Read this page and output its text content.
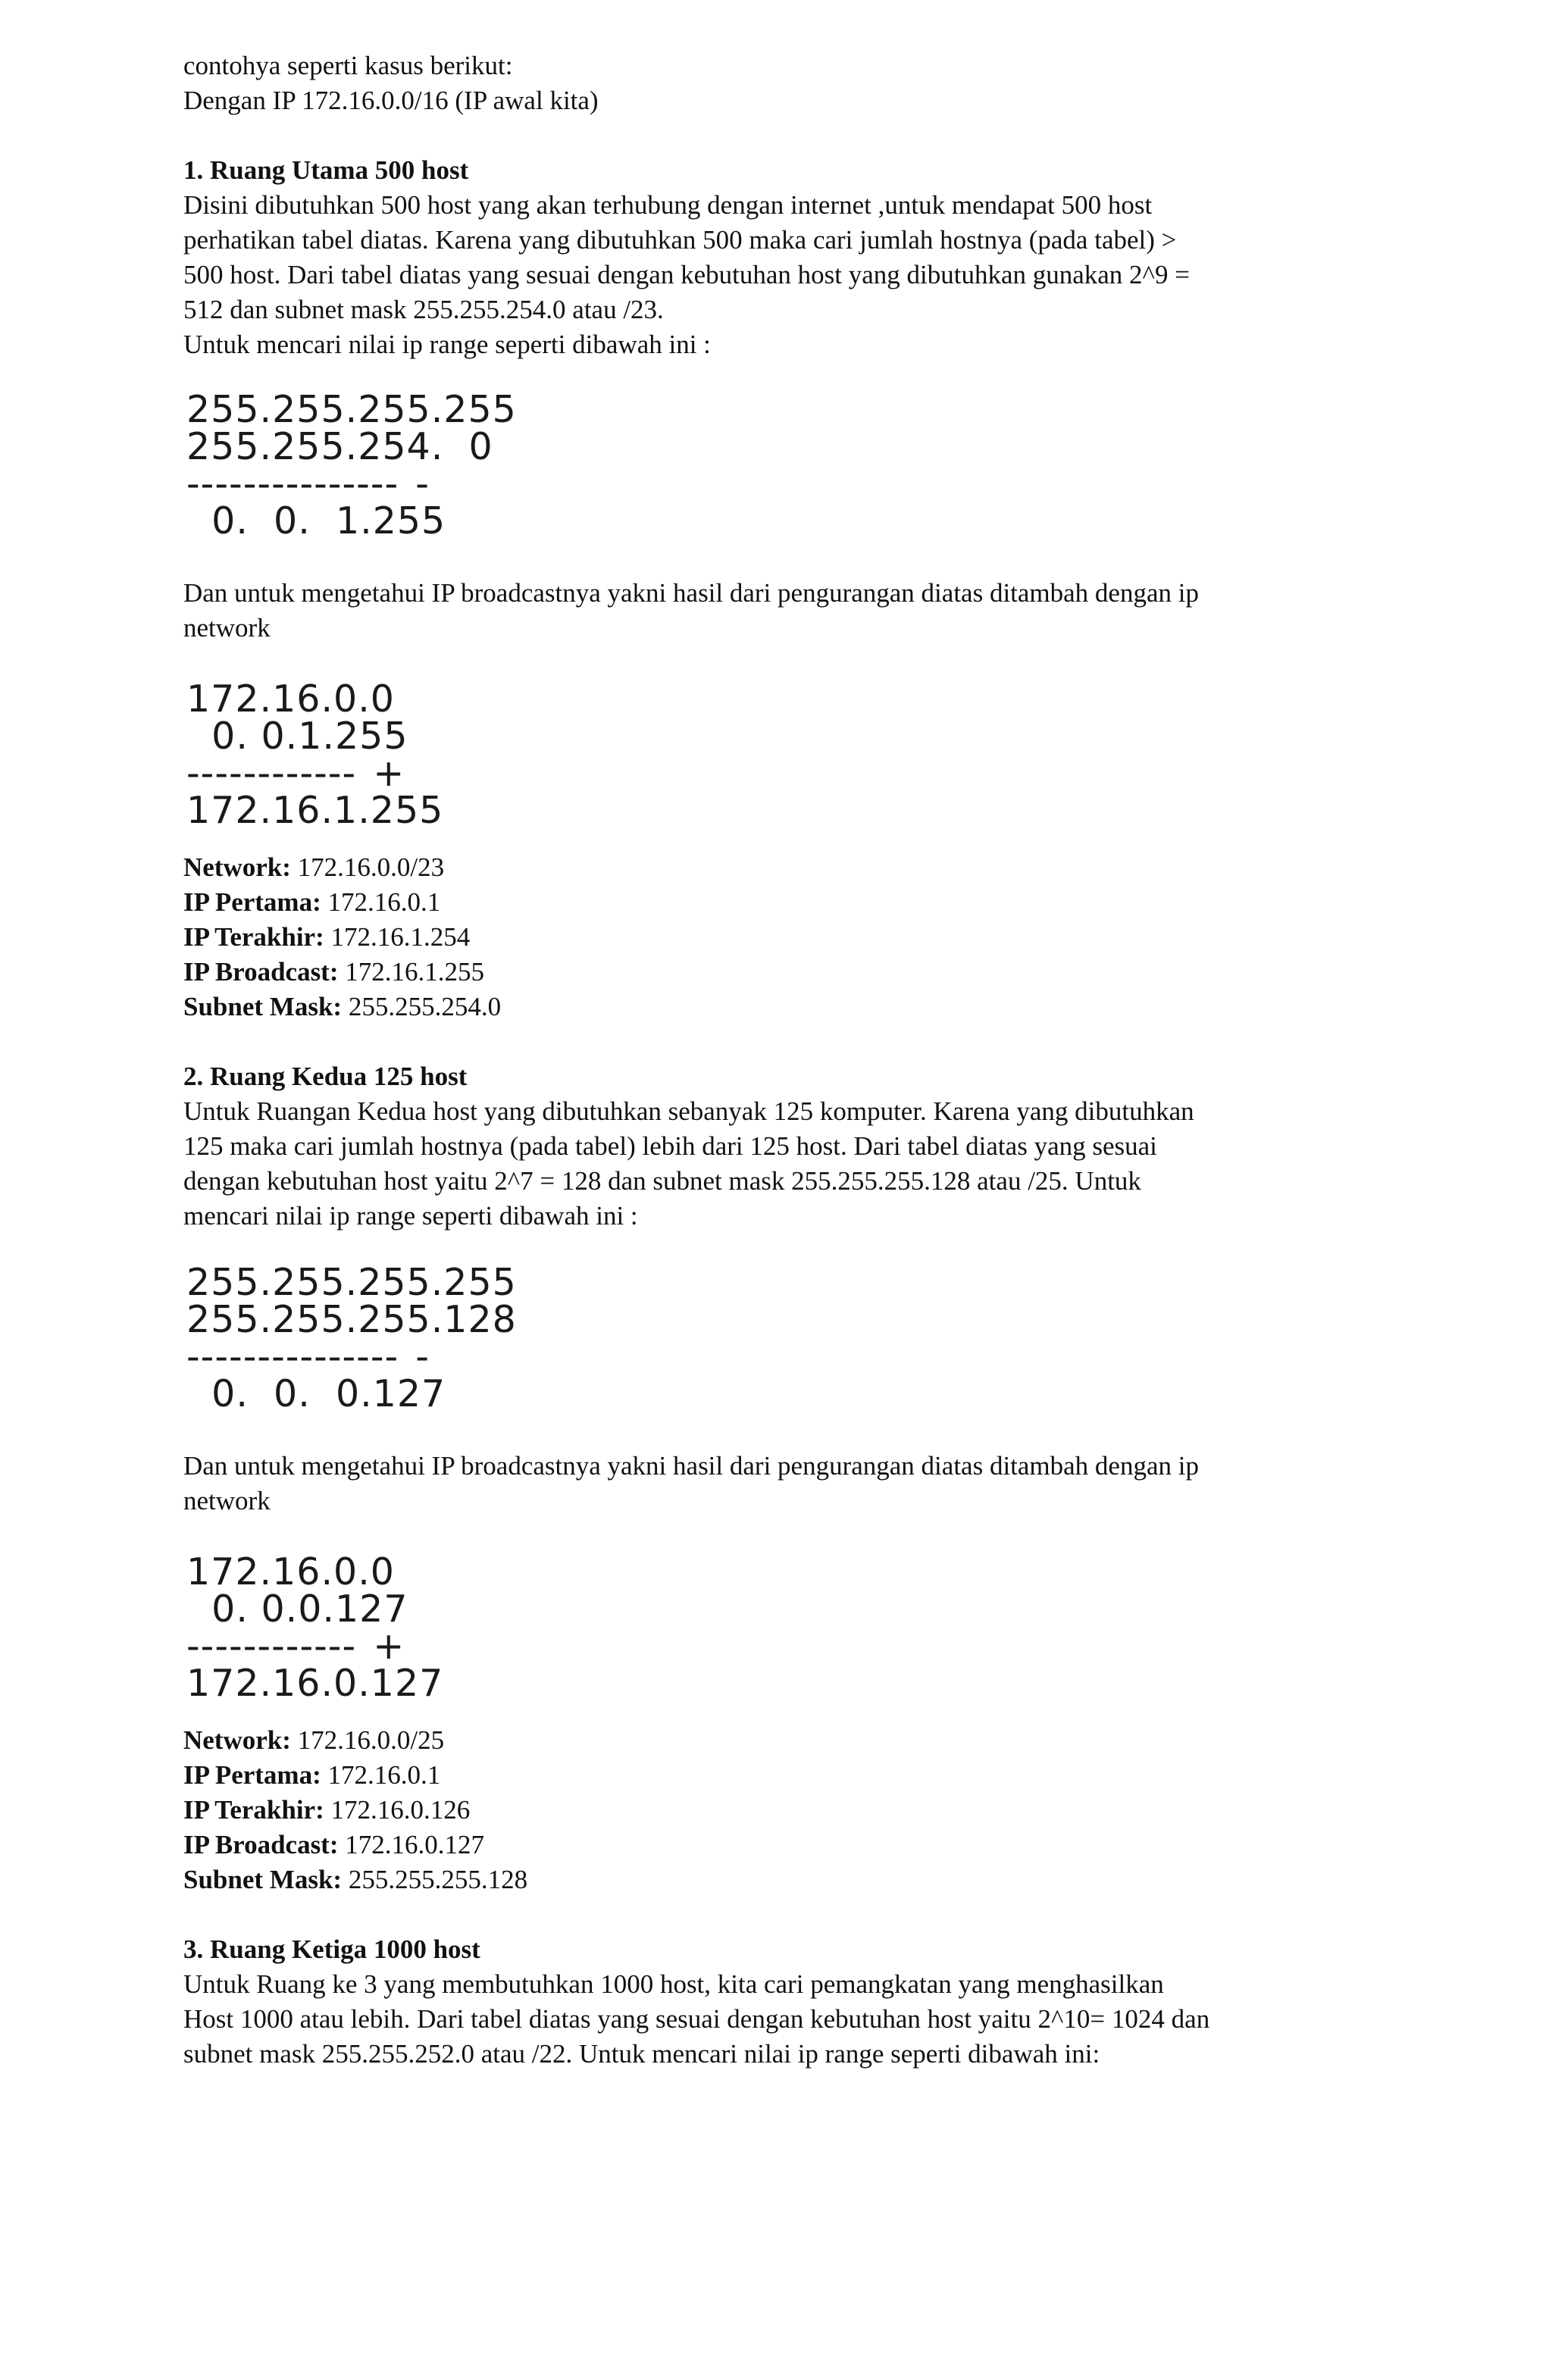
contohya seperti kasus berikut:

Dengan IP 172.16.0.0/16 (IP awal kita)

1. Ruang Utama 500 host

Disini dibutuhkan 500 host yang akan terhubung dengan internet ,untuk mendapat 500 host

perhatikan tabel diatas. Karena yang dibutuhkan 500 maka cari jumlah hostnya (pada tabel) >

500 host. Dari tabel diatas yang sesuai dengan kebutuhan host yang dibutuhkan gunakan 2^9 =

512 dan subnet mask 255.255.254.0 atau /23.

Untuk mencari nilai ip range seperti dibawah ini :

255.255.255.255
255.255.254.  0
--------------- -
0.  0.  1.255

Dan untuk mengetahui IP broadcastnya yakni hasil dari pengurangan diatas ditambah dengan ip

network

172.16.0.0
0. 0.1.255
------------ +
172.16.1.255

Network: 172.16.0.0/23

IP Pertama: 172.16.0.1

IP Terakhir: 172.16.1.254

IP Broadcast: 172.16.1.255

Subnet Mask: 255.255.254.0

2. Ruang Kedua 125 host

Untuk Ruangan Kedua host yang dibutuhkan sebanyak 125 komputer. Karena yang dibutuhkan

125 maka cari jumlah hostnya (pada tabel) lebih dari 125 host. Dari tabel diatas yang sesuai

dengan kebutuhan host yaitu 2^7 = 128 dan subnet mask 255.255.255.128 atau /25. Untuk

mencari nilai ip range seperti dibawah ini :

255.255.255.255
255.255.255.128
--------------- -
0.  0.  0.127

Dan untuk mengetahui IP broadcastnya yakni hasil dari pengurangan diatas ditambah dengan ip

network

172.16.0.0
0. 0.0.127
------------ +
172.16.0.127

Network: 172.16.0.0/25

IP Pertama: 172.16.0.1

IP Terakhir: 172.16.0.126

IP Broadcast: 172.16.0.127

Subnet Mask: 255.255.255.128

3. Ruang Ketiga 1000 host

Untuk Ruang ke 3 yang membutuhkan 1000 host, kita cari pemangkatan yang menghasilkan

Host 1000 atau lebih. Dari tabel diatas yang sesuai dengan kebutuhan host yaitu 2^10= 1024 dan

subnet mask 255.255.252.0 atau /22. Untuk mencari nilai ip range seperti dibawah ini:
